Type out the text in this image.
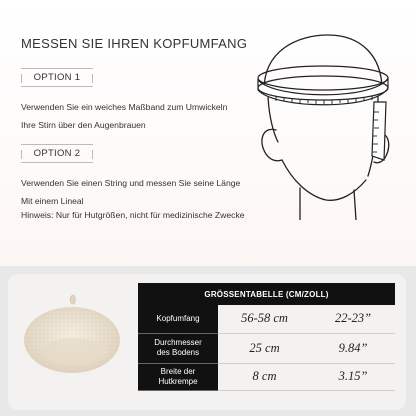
MESSEN SIE IHREN KOPFUMFANG
OPTION 1
Verwenden Sie ein weiches Maßband zum Umwickeln
Ihre Stirn über den Augenbrauen
OPTION 2
Verwenden Sie einen String und messen Sie seine Länge
Mit einem Lineal
Hinweis: Nur für Hutgrößen, nicht für medizinische Zwecke
GRÖSSENTABELLE (CM/ZOLL)		

Kopfumfang	56-58 cm	22-23”

Durchmesser
des Bodens	25 cm	9.84”

Breite der
Hutkrempe	8 cm	3.15”
